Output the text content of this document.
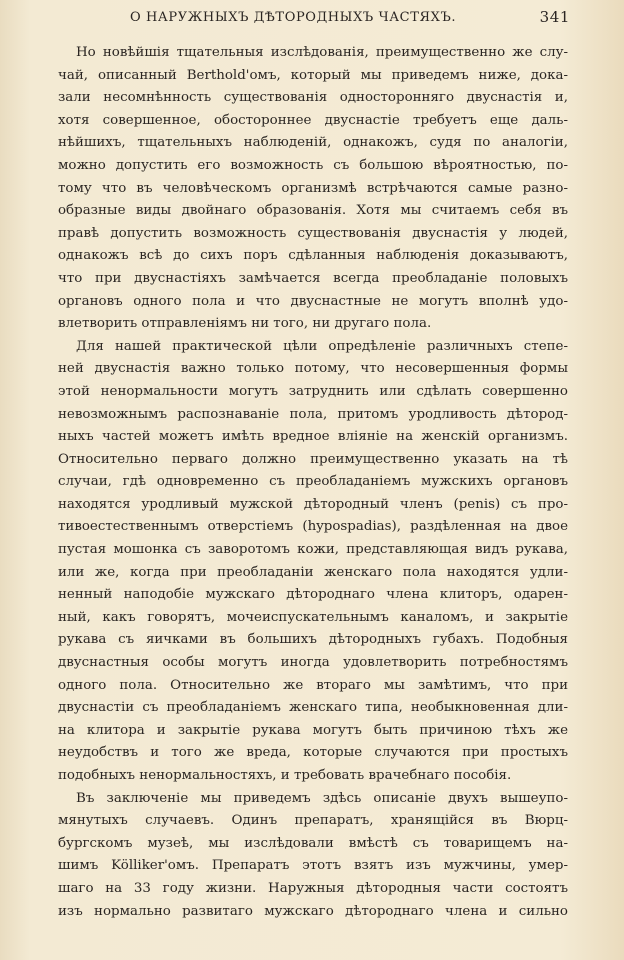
О НАРУЖНЫХЪ ДѢТОРОДНЫХЪ ЧАСТЯХЪ.	341
Но новѣйшія тщательныя изслѣдованія, преимущественно же слу-
чай, описанный Berthold'омъ, который мы приведемъ ниже, дока-
зали несомнѣнность существованія односторонняго двуснастія и,
хотя совершенное, обостороннее двуснастіе требуетъ еще даль-
нѣйшихъ, тщательныхъ наблюденій, однакожъ, судя по аналогіи,
можно допустить его возможность съ большою вѣроятностью, по-
тому что въ человѣческомъ организмѣ встрѣчаются самые разно-
образные виды двойнаго образованія. Хотя мы считаемъ себя въ
правѣ допустить возможность существованія двуснастія у людей,
однакожъ всѣ до сихъ поръ сдѣланныя наблюденія доказываютъ,
что при двуснастіяхъ замѣчается всегда преобладаніе половыхъ
органовъ одного пола и что двуснастные не могутъ вполнѣ удо-
влетворить отправленіямъ ни того, ни другаго пола.
Для нашей практической цѣли опредѣленіе различныхъ степе-
ней двуснастія важно только потому, что несовершенныя формы
этой ненормальности могутъ затруднить или сдѣлать совершенно
невозможнымъ распознаваніе пола, притомъ уродливость дѣтород-
ныхъ частей можетъ имѣть вредное вліяніе на женскій организмъ.
Относительно перваго должно преимущественно указать на тѣ
случаи, гдѣ одновременно съ преобладаніемъ мужскихъ органовъ
находятся уродливый мужской дѣтородный членъ (penis) съ про-
тивоестественнымъ отверстіемъ (hypospadias), раздѣленная на двое
пустая мошонка съ заворотомъ кожи, представляющая видъ рукава,
или же, когда при преобладаніи женскаго пола находятся удли-
ненный наподобіе мужскаго дѣтороднаго члена клиторъ, одарен-
ный, какъ говорятъ, мочеиспускательнымъ каналомъ, и закрытіе
рукава съ яичками въ большихъ дѣтородныхъ губахъ. Подобныя
двуснастныя особы могутъ иногда удовлетворить потребностямъ
одного пола. Относительно же втораго мы замѣтимъ, что при
двуснастіи съ преобладаніемъ женскаго типа, необыкновенная дли-
на клитора и закрытіе рукава могутъ быть причиною тѣхъ же
неудобствъ и того же вреда, которые случаются при простыхъ
подобныхъ ненормальностяхъ, и требовать врачебнаго пособія.
Въ заключеніе мы приведемъ здѣсь описаніе двухъ вышеупо-
мянутыхъ случаевъ. Одинъ препаратъ, хранящійся въ Вюрц-
бургскомъ музеѣ, мы изслѣдовали вмѣстѣ съ товарищемъ на-
шимъ Kölliker'омъ. Препаратъ этотъ взятъ изъ мужчины, умер-
шаго на 33 году жизни. Наружныя дѣтородныя части состоятъ
изъ нормально развитаго мужскаго дѣтороднаго члена и сильно
